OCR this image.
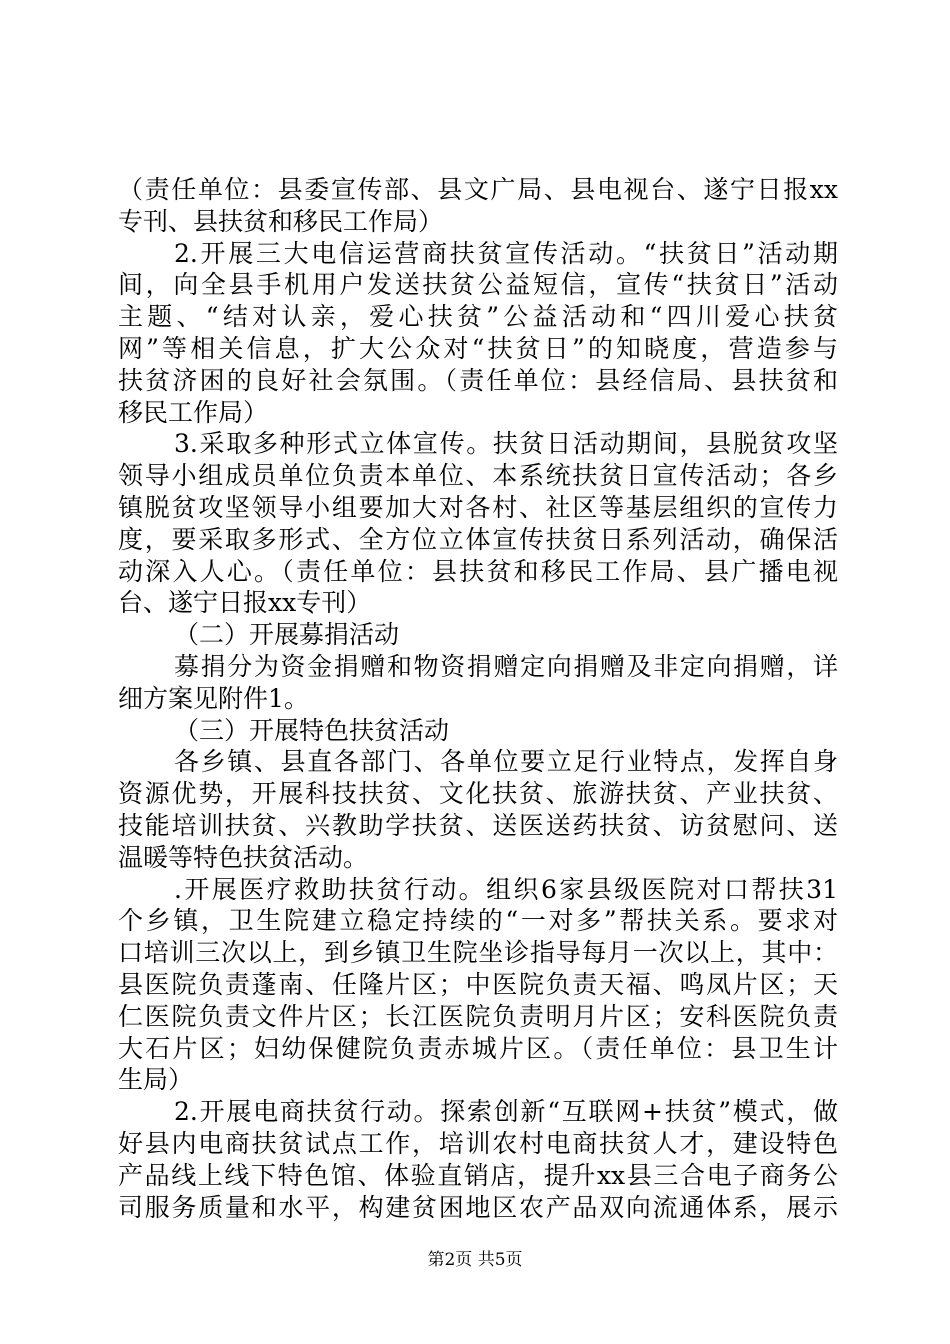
（责任单位：县委宣传部、县文广局、县电视台、遂宁日报xx
专刊、县扶贫和移民工作局）
2.开展三大电信运营商扶贫宣传活动。“扶贫日”活动期
间，向全县手机用户发送扶贫公益短信，宣传“扶贫日”活动
主题、“结对认亲，爱心扶贫”公益活动和“四川爱心扶贫
网”等相关信息，扩大公众对“扶贫日”的知晓度，营造参与
扶贫济困的良好社会氛围。（责任单位：县经信局、县扶贫和
移民工作局）
3.采取多种形式立体宣传。扶贫日活动期间，县脱贫攻坚
领导小组成员单位负责本单位、本系统扶贫日宣传活动；各乡
镇脱贫攻坚领导小组要加大对各村、社区等基层组织的宣传力
度，要采取多形式、全方位立体宣传扶贫日系列活动，确保活
动深入人心。（责任单位：县扶贫和移民工作局、县广播电视
台、遂宁日报xx专刊）
（二）开展募捐活动
募捐分为资金捐赠和物资捐赠定向捐赠及非定向捐赠，详
细方案见附件1。
（三）开展特色扶贫活动
各乡镇、县直各部门、各单位要立足行业特点，发挥自身
资源优势，开展科技扶贫、文化扶贫、旅游扶贫、产业扶贫、
技能培训扶贫、兴教助学扶贫、送医送药扶贫、访贫慰问、送
温暖等特色扶贫活动。
.开展医疗救助扶贫行动。组织6家县级医院对口帮扶31
个乡镇，卫生院建立稳定持续的“一对多”帮扶关系。要求对
口培训三次以上，到乡镇卫生院坐诊指导每月一次以上，其中：
县医院负责蓬南、任隆片区；中医院负责天福、鸣凤片区；天
仁医院负责文件片区；长江医院负责明月片区；安科医院负责
大石片区；妇幼保健院负责赤城片区。（责任单位：县卫生计
生局）
2.开展电商扶贫行动。探索创新“互联网+扶贫”模式，做
好县内电商扶贫试点工作，培训农村电商扶贫人才，建设特色
产品线上线下特色馆、体验直销店，提升xx县三合电子商务公
司服务质量和水平，构建贫困地区农产品双向流通体系，展示
第2页 共5页
